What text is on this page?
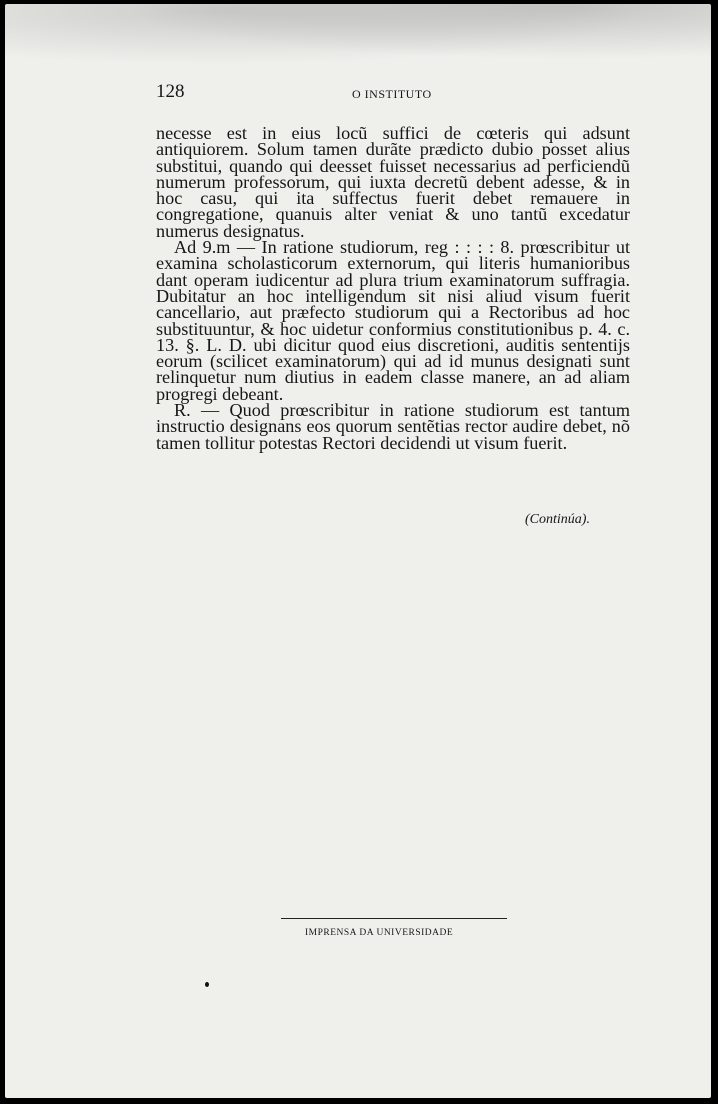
128	O INSTITUTO

necesse est in eius locũ suffici de cœteris qui adsunt antiquiorem. Solum tamen durãte prædicto dubio posset alius substitui, quando qui deesset fuisset necessarius ad perficiendũ numerum professorum, qui iuxta decretũ debent adesse, & in hoc casu, qui ita suffectus fuerit debet remauere in congregatione, quanuis alter veniat & uno tantũ excedatur numerus designatus.

Ad 9.m — In ratione studiorum, reg : : : : 8. prœscribitur ut examina scholasticorum externorum, qui literis humanioribus dant operam iudicentur ad plura trium examinatorum suffragia. Dubitatur an hoc intelligendum sit nisi aliud visum fuerit cancellario, aut præfecto studiorum qui a Rectoribus ad hoc substituuntur, & hoc uidetur conformius constitutionibus p. 4. c. 13. §. L. D. ubi dicitur quod eius discretioni, auditis sententijs eorum (scilicet examinatorum) qui ad id munus designati sunt relinquetur num diutius in eadem classe manere, an ad aliam progregi debeant.

R. — Quod prœscribitur in ratione studiorum est tantum instructio designans eos quorum sentẽtias rector audire debet, nõ tamen tollitur potestas Rectori decidendi ut visum fuerit.

(Continúa).
IMPRENSA DA UNIVERSIDADE
